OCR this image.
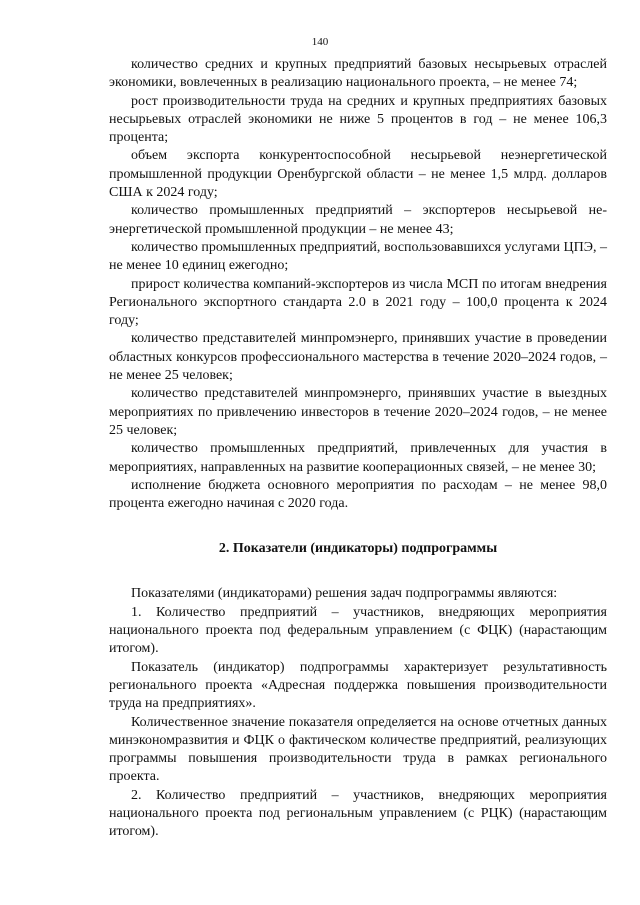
140

количество средних и крупных предприятий базовых несырьевых отраслей экономики, вовлеченных в реализацию национального проекта, – не менее 74;

рост производительности труда на средних и крупных предприятиях базовых несырьевых отраслей экономики не ниже 5 процентов в год – не менее 106,3 процента;

объем экспорта конкурентоспособной несырьевой неэнергетической промышленной продукции Оренбургской области – не менее 1,5 млрд. долларов США к 2024 году;

количество промышленных предприятий – экспортеров несырьевой неэнергетической промышленной продукции – не менее 43;

количество промышленных предприятий, воспользовавшихся услугами ЦПЭ, – не менее 10 единиц ежегодно;

прирост количества компаний-экспортеров из числа МСП по итогам внедрения Регионального экспортного стандарта 2.0 в 2021 году – 100,0 процента к 2024 году;

количество представителей минпромэнерго, принявших участие в проведении областных конкурсов профессионального мастерства в течение 2020–2024 годов, – не менее 25 человек;

количество представителей минпромэнерго, принявших участие в выездных мероприятиях по привлечению инвесторов в течение 2020–2024 годов, – не менее 25 человек;

количество промышленных предприятий, привлеченных для участия в мероприятиях, направленных на развитие кооперационных связей, – не менее 30;

исполнение бюджета основного мероприятия по расходам – не менее 98,0 процента ежегодно начиная с 2020 года.

2. Показатели (индикаторы) подпрограммы

Показателями (индикаторами) решения задач подпрограммы являются:

1. Количество предприятий – участников, внедряющих мероприятия национального проекта под федеральным управлением (с ФЦК) (нарастающим итогом).

Показатель (индикатор) подпрограммы характеризует результативность регионального проекта «Адресная поддержка повышения производительности труда на предприятиях».

Количественное значение показателя определяется на основе отчетных данных минэкономразвития и ФЦК о фактическом количестве предприятий, реализующих программы повышения производительности труда в рамках регионального проекта.

2. Количество предприятий – участников, внедряющих мероприятия национального проекта под региональным управлением (с РЦК) (нарастающим итогом).
